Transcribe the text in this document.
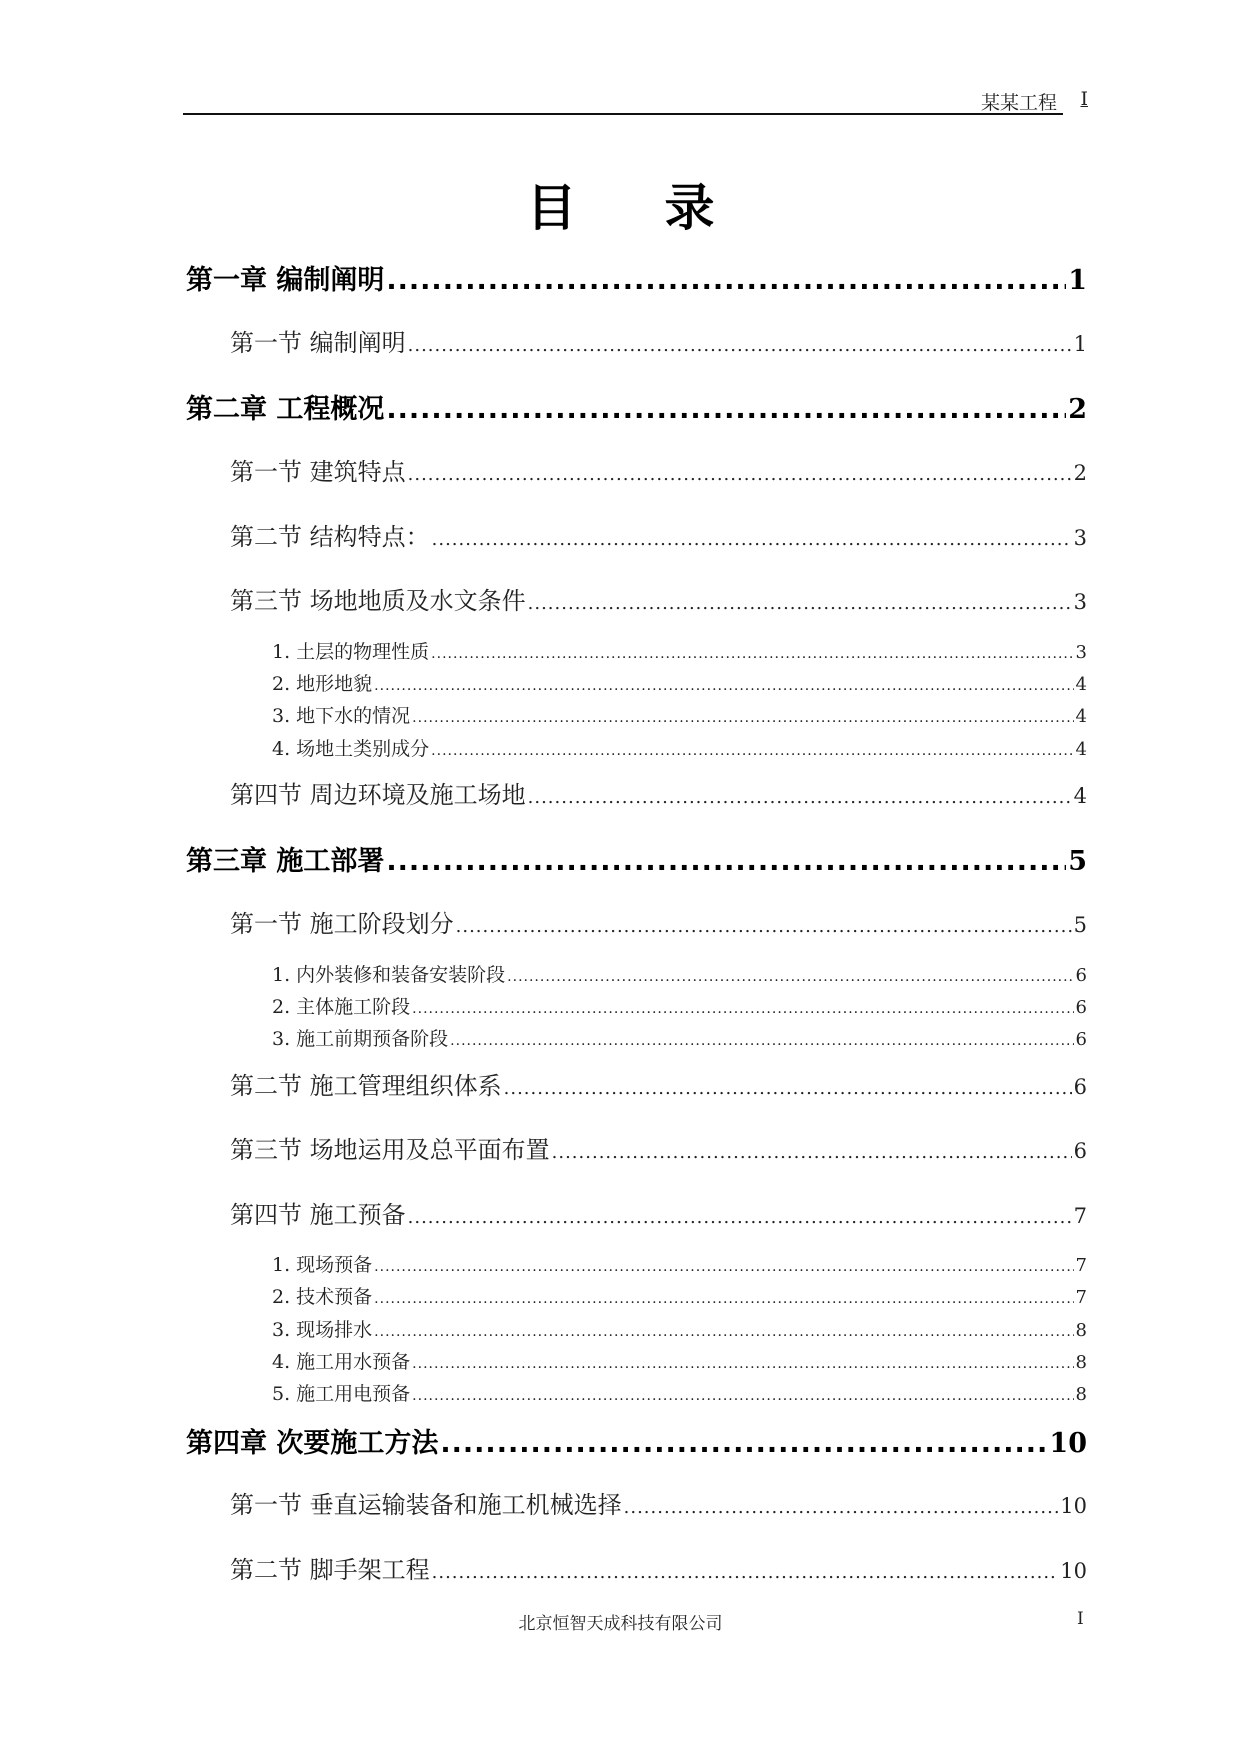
某某工程 I
目录
第一章 编制阐明 .....	1
第一节 编制阐明 .....	1
第二章 工程概况 .....	2
第一节 建筑特点 .....	2
第二节 结构特点： .....	3
第三节 场地地质及水文条件 .....	3
1. 土层的物理性质 .....	3
2. 地形地貌 .....	4
3. 地下水的情况 .....	4
4. 场地土类别成分 .....	4
第四节 周边环境及施工场地 .....	4
第三章 施工部署 .....	5
第一节 施工阶段划分 .....	5
1. 内外装修和装备安装阶段 .....	6
2. 主体施工阶段 .....	6
3. 施工前期预备阶段 .....	6
第二节 施工管理组织体系 .....	6
第三节 场地运用及总平面布置 .....	6
第四节 施工预备 .....	7
1. 现场预备 .....	7
2. 技术预备 .....	7
3. 现场排水 .....	8
4. 施工用水预备 .....	8
5. 施工用电预备 .....	8
第四章 次要施工方法 .....	10
第一节 垂直运输装备和施工机械选择 .....	10
第二节 脚手架工程 .....	10
北京恒智天成科技有限公司	I
